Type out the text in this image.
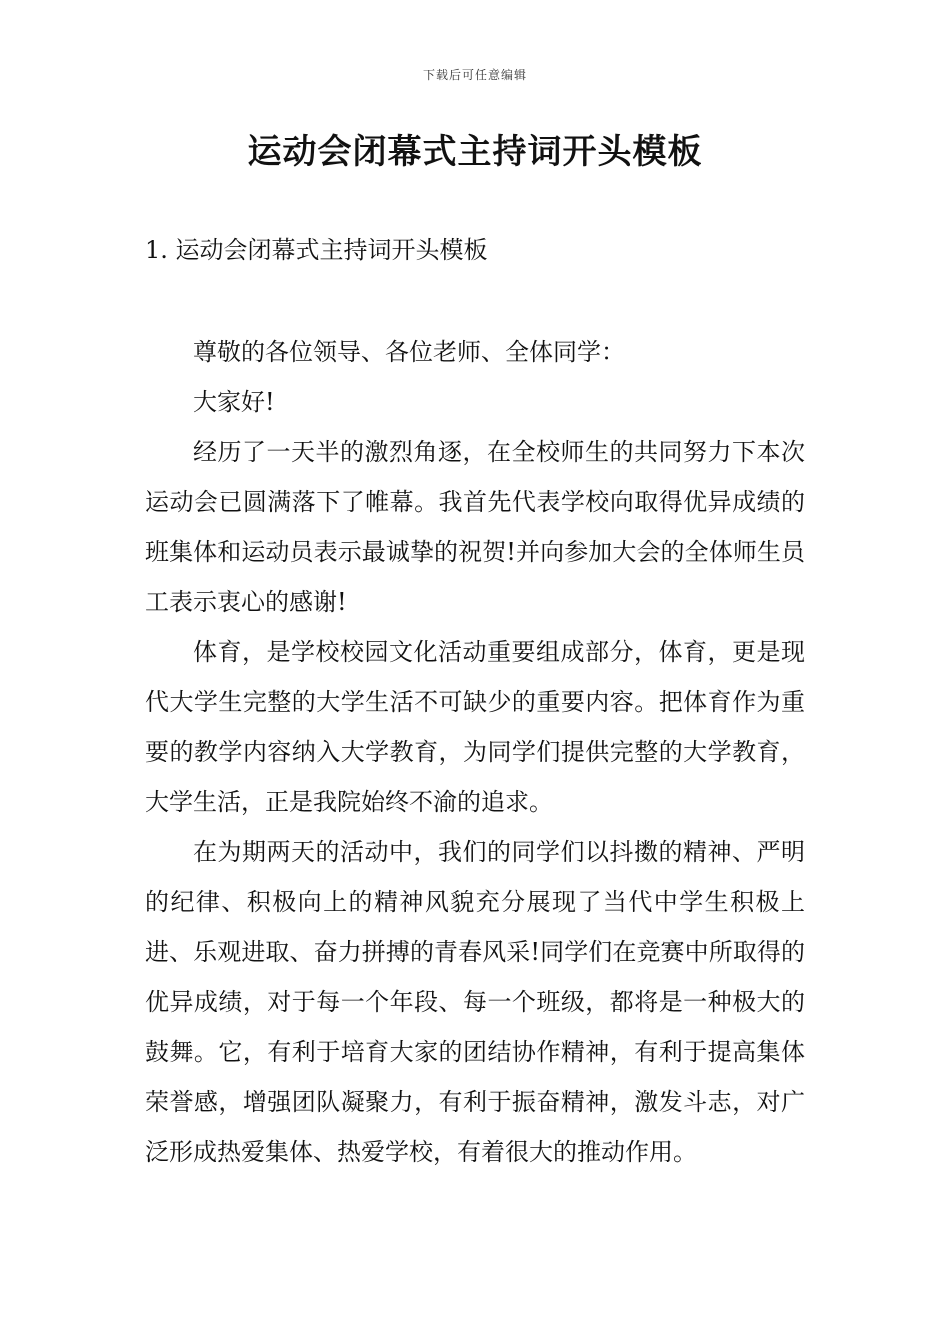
下载后可任意编辑
运动会闭幕式主持词开头模板
1. 运动会闭幕式主持词开头模板

尊敬的各位领导、各位老师、全体同学：

大家好!

经历了一天半的激烈角逐，在全校师生的共同努力下本次运动会已圆满落下了帷幕。我首先代表学校向取得优异成绩的班集体和运动员表示最诚挚的祝贺!并向参加大会的全体师生员工表示衷心的感谢!

体育，是学校校园文化活动重要组成部分，体育，更是现代大学生完整的大学生活不可缺少的重要内容。把体育作为重要的教学内容纳入大学教育，为同学们提供完整的大学教育，大学生活，正是我院始终不渝的追求。

在为期两天的活动中，我们的同学们以抖擞的精神、严明的纪律、积极向上的精神风貌充分展现了当代中学生积极上进、乐观进取、奋力拼搏的青春风采!同学们在竞赛中所取得的优异成绩，对于每一个年段、每一个班级，都将是一种极大的鼓舞。它，有利于培育大家的团结协作精神，有利于提高集体荣誉感，增强团队凝聚力，有利于振奋精神，激发斗志，对广泛形成热爱集体、热爱学校，有着很大的推动作用。
